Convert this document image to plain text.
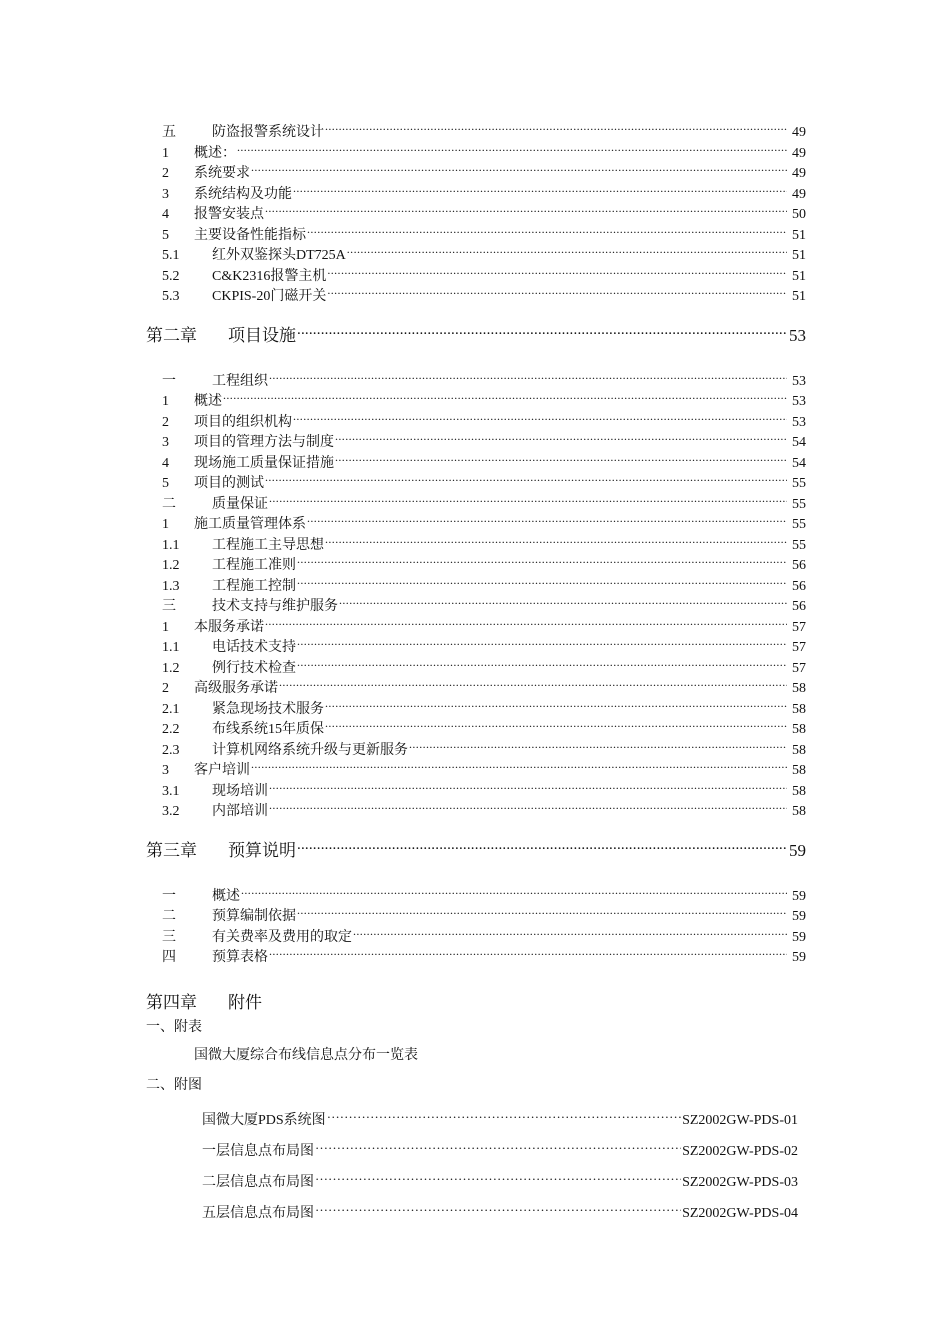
五	防盗报警系统设计 .....	49
1	概述： .....	49
2	系统要求 .....	49
3	系统结构及功能 .....	49
4	报警安装点 .....	50
5	主要设备性能指标 .....	51
5.1	红外双鉴探头DT725A .....	51
5.2	C&K2316报警主机 .....	51
5.3	CKPIS-20门磁开关 .....	51
第二章	项目设施 .....	53
一	工程组织 .....	53
1	概述 .....	53
2	项目的组织机构 .....	53
3	项目的管理方法与制度 .....	54
4	现场施工质量保证措施 .....	54
5	项目的测试 .....	55
二	质量保证 .....	55
1	施工质量管理体系 .....	55
1.1	工程施工主导思想 .....	55
1.2	工程施工准则 .....	56
1.3	工程施工控制 .....	56
三	技术支持与维护服务 .....	56
1	本服务承诺 .....	57
1.1	电话技术支持 .....	57
1.2	例行技术检查 .....	57
2	高级服务承诺 .....	58
2.1	紧急现场技术服务 .....	58
2.2	布线系统15年质保 .....	58
2.3	计算机网络系统升级与更新服务 .....	58
3	客户培训 .....	58
3.1	现场培训 .....	58
3.2	内部培训 .....	58
第三章	预算说明 .....	59
一	概述 .....	59
二	预算编制依据 .....	59
三	有关费率及费用的取定 .....	59
四	预算表格 .....	59
第四章 附件
一、附表
国微大厦综合布线信息点分布一览表
二、附图
国微大厦PDS系统图 ……………………………………………………………………………………………………………………………………………………………	SZ2002GW-PDS-01
一层信息点布局图 ……………………………………………………………………………………………………………………………………………………………	SZ2002GW-PDS-02
二层信息点布局图 ……………………………………………………………………………………………………………………………………………………………	SZ2002GW-PDS-03
五层信息点布局图 ……………………………………………………………………………………………………………………………………………………………	SZ2002GW-PDS-04
